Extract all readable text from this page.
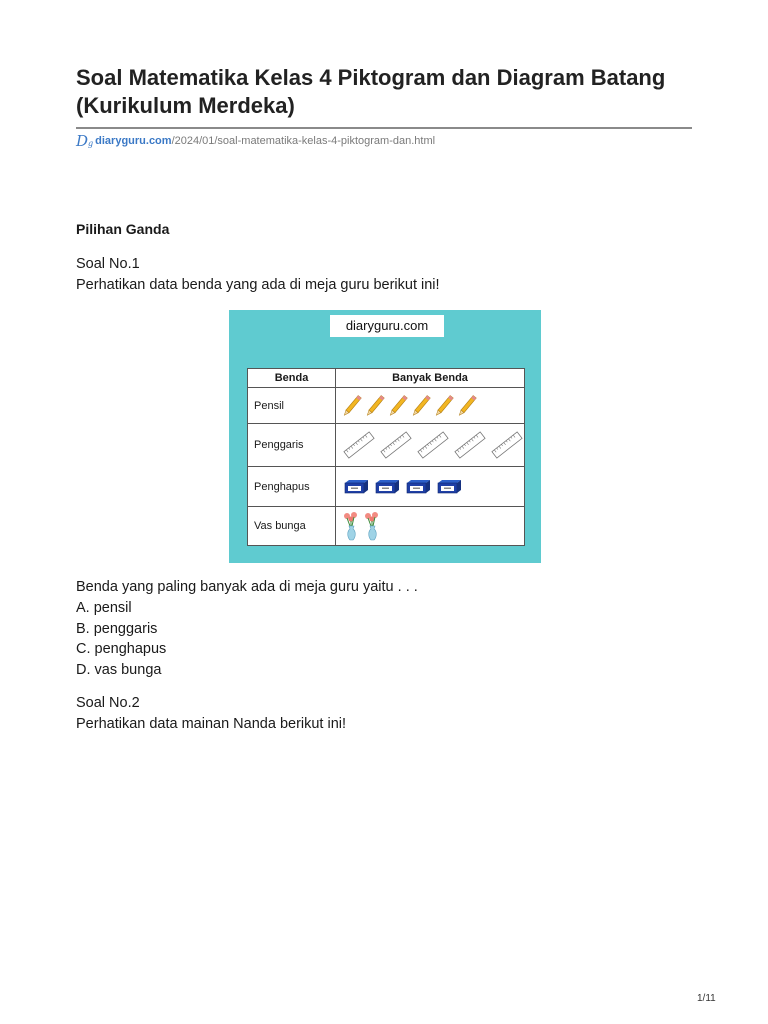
Soal Matematika Kelas 4 Piktogram dan Diagram Batang (Kurikulum Merdeka)
Dg diaryguru.com /2024/01/soal-matematika-kelas-4-piktogram-dan.html
Pilihan Ganda

Soal No.1

Perhatikan data benda yang ada di meja guru berikut ini!

diaryguru.com
Benda	Banyak Benda
Pensil	

Penggaris	

Penghapus	

Vas bunga	

Benda yang paling banyak ada di meja guru yaitu . . .

A. pensil
B. penggaris
C. penghapus
D. vas bunga

Soal No.2

Perhatikan data mainan Nanda berikut ini!

1/11
